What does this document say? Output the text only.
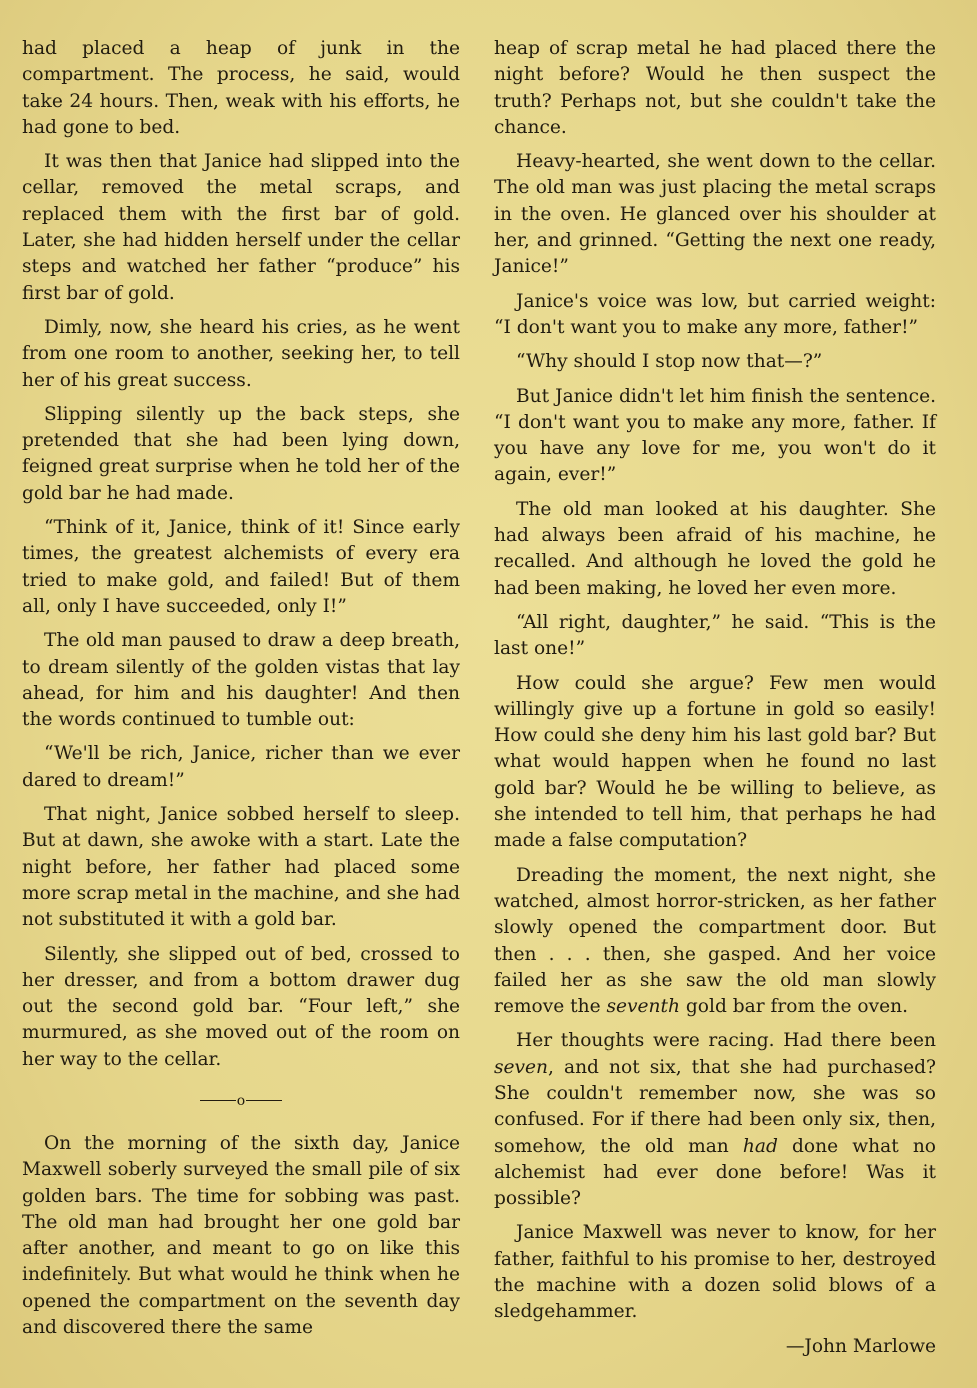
had placed a heap of junk in the compartment. The process, he said, would take 24 hours. Then, weak with his efforts, he had gone to bed.

It was then that Janice had slipped into the cellar, removed the metal scraps, and replaced them with the first bar of gold. Later, she had hidden herself under the cellar steps and watched her father “produce” his first bar of gold.

Dimly, now, she heard his cries, as he went from one room to another, seeking her, to tell her of his great success.

Slipping silently up the back steps, she pretended that she had been lying down, feigned great surprise when he told her of the gold bar he had made.

“Think of it, Janice, think of it! Since early times, the greatest alchemists of every era tried to make gold, and failed! But of them all, only I have succeeded, only I!”

The old man paused to draw a deep breath, to dream silently of the golden vistas that lay ahead, for him and his daughter! And then the words continued to tumble out:

“We'll be rich, Janice, richer than we ever dared to dream!”

That night, Janice sobbed herself to sleep. But at dawn, she awoke with a start. Late the night before, her father had placed some more scrap metal in the machine, and she had not substituted it with a gold bar.

Silently, she slipped out of bed, crossed to her dresser, and from a bottom drawer dug out the second gold bar. “Four left,” she murmured, as she moved out of the room on her way to the cellar.

o

On the morning of the sixth day, Janice Maxwell soberly surveyed the small pile of six golden bars. The time for sobbing was past. The old man had brought her one gold bar after another, and meant to go on like this indefinitely. But what would he think when he opened the compartment on the seventh day and discovered there the same

heap of scrap metal he had placed there the night before? Would he then suspect the truth? Perhaps not, but she couldn't take the chance.

Heavy-hearted, she went down to the cellar. The old man was just placing the metal scraps in the oven. He glanced over his shoulder at her, and grinned. “Getting the next one ready, Janice!”

Janice's voice was low, but carried weight: “I don't want you to make any more, father!”

“Why should I stop now that—?”

But Janice didn't let him finish the sentence. “I don't want you to make any more, father. If you have any love for me, you won't do it again, ever!”

The old man looked at his daughter. She had always been afraid of his machine, he recalled. And although he loved the gold he had been making, he loved her even more.

“All right, daughter,” he said. “This is the last one!”

How could she argue? Few men would willingly give up a fortune in gold so easily! How could she deny him his last gold bar? But what would happen when he found no last gold bar? Would he be willing to believe, as she intended to tell him, that perhaps he had made a false computation?

Dreading the moment, the next night, she watched, almost horror-stricken, as her father slowly opened the compartment door. But then . . . then, she gasped. And her voice failed her as she saw the old man slowly remove the seventh gold bar from the oven.

Her thoughts were racing. Had there been seven, and not six, that she had purchased? She couldn't remember now, she was so confused. For if there had been only six, then, somehow, the old man had done what no alchemist had ever done before! Was it possible?

Janice Maxwell was never to know, for her father, faithful to his promise to her, destroyed the machine with a dozen solid blows of a sledgehammer.

—John Marlowe
